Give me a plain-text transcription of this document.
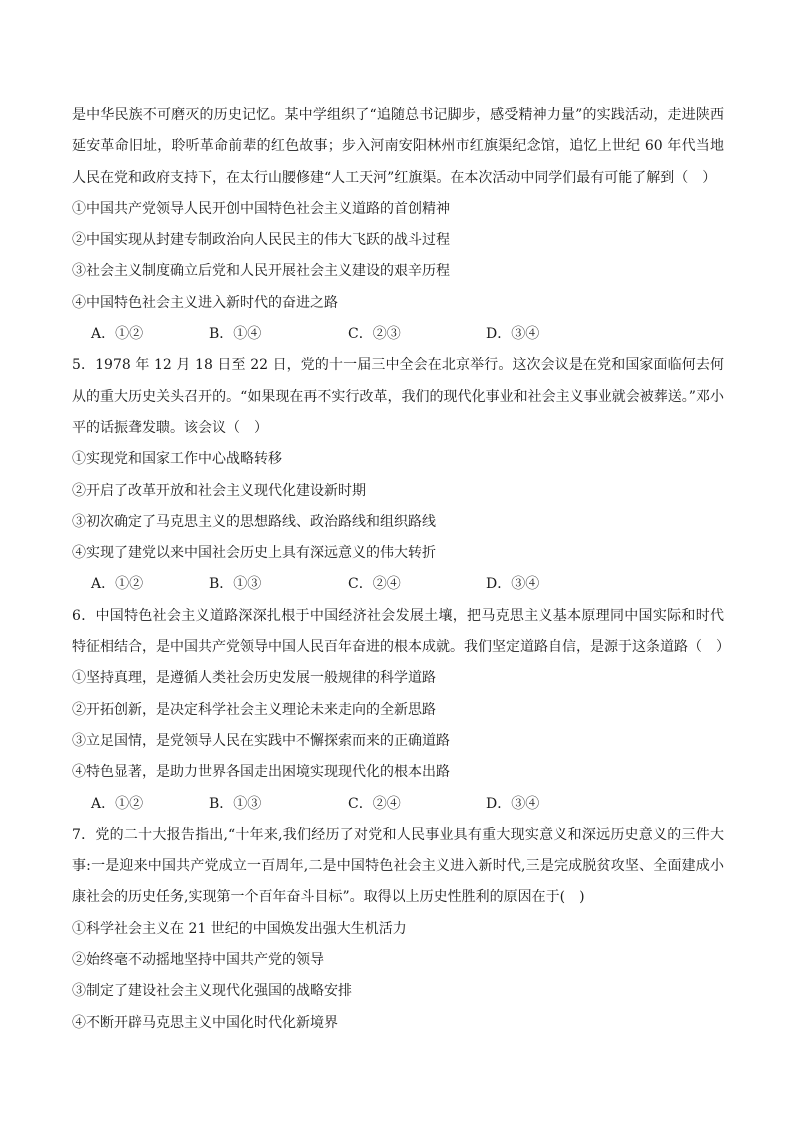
是中华民族不可磨灭的历史记忆。某中学组织了“追随总书记脚步，感受精神力量”的实践活动，走进陕西延安革命旧址，聆听革命前辈的红色故事；步入河南安阳林州市红旗渠纪念馆，追忆上世纪 60 年代当地人民在党和政府支持下，在太行山腰修建“人工天河”红旗渠。在本次活动中同学们最有可能了解到（　）

①中国共产党领导人民开创中国特色社会主义道路的首创精神

②中国实现从封建专制政治向人民民主的伟大飞跃的战斗过程

③社会主义制度确立后党和人民开展社会主义建设的艰辛历程

④中国特色社会主义进入新时代的奋进之路

A．①②	B．①④	C．②③	D．③④

5．1978 年 12 月 18 日至 22 日，党的十一届三中全会在北京举行。这次会议是在党和国家面临何去何从的重大历史关头召开的。“如果现在再不实行改革，我们的现代化事业和社会主义事业就会被葬送。”邓小平的话振聋发聩。该会议（　）

①实现党和国家工作中心战略转移

②开启了改革开放和社会主义现代化建设新时期

③初次确定了马克思主义的思想路线、政治路线和组织路线

④实现了建党以来中国社会历史上具有深远意义的伟大转折

A．①②	B．①③	C．②④	D．③④

6．中国特色社会主义道路深深扎根于中国经济社会发展土壤，把马克思主义基本原理同中国实际和时代特征相结合，是中国共产党领导中国人民百年奋进的根本成就。我们坚定道路自信，是源于这条道路（　）

①坚持真理，是遵循人类社会历史发展一般规律的科学道路

②开拓创新，是决定科学社会主义理论未来走向的全新思路

③立足国情，是党领导人民在实践中不懈探索而来的正确道路

④特色显著，是助力世界各国走出困境实现现代化的根本出路

A．①②	B．①③	C．②④	D．③④

7．党的二十大报告指出,“十年来,我们经历了对党和人民事业具有重大现实意义和深远历史意义的三件大事:一是迎来中国共产党成立一百周年,二是中国特色社会主义进入新时代,三是完成脱贫攻坚、全面建成小康社会的历史任务,实现第一个百年奋斗目标”。取得以上历史性胜利的原因在于(　)

①科学社会主义在 21 世纪的中国焕发出强大生机活力

②始终毫不动摇地坚持中国共产党的领导

③制定了建设社会主义现代化强国的战略安排

④不断开辟马克思主义中国化时代化新境界
